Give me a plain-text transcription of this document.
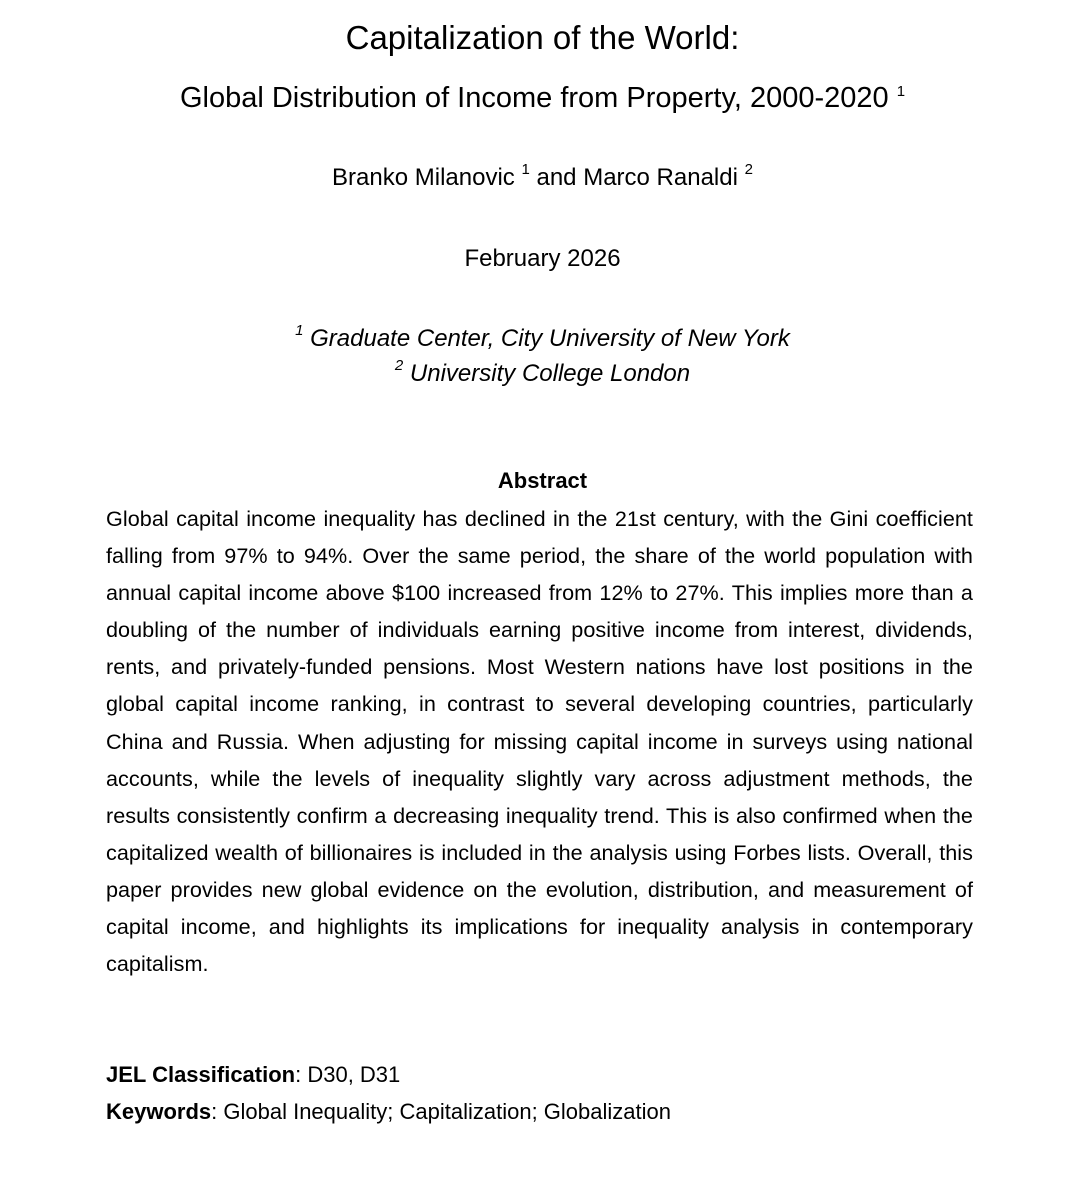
Capitalization of the World:
Global Distribution of Income from Property, 2000-2020 $^1$
Branko Milanovic $^1$ and Marco Ranaldi $^2$
February 2026
$^1$ Graduate Center, City University of New York
$^2$ University College London
Abstract
Global capital income inequality has declined in the 21st century, with the Gini coefficient falling from 97% to 94%. Over the same period, the share of the world population with annual capital income above $100 increased from 12% to 27%. This implies more than a doubling of the number of individuals earning positive income from interest, dividends, rents, and privately-funded pensions. Most Western nations have lost positions in the global capital income ranking, in contrast to several developing countries, particularly China and Russia. When adjusting for missing capital income in surveys using national accounts, while the levels of inequality slightly vary across adjustment methods, the results consistently confirm a decreasing inequality trend. This is also confirmed when the capitalized wealth of billionaires is included in the analysis using Forbes lists. Overall, this paper provides new global evidence on the evolution, distribution, and measurement of capital income, and highlights its implications for inequality analysis in contemporary capitalism.
JEL Classification: D30, D31
Keywords: Global Inequality; Capitalization; Globalization
